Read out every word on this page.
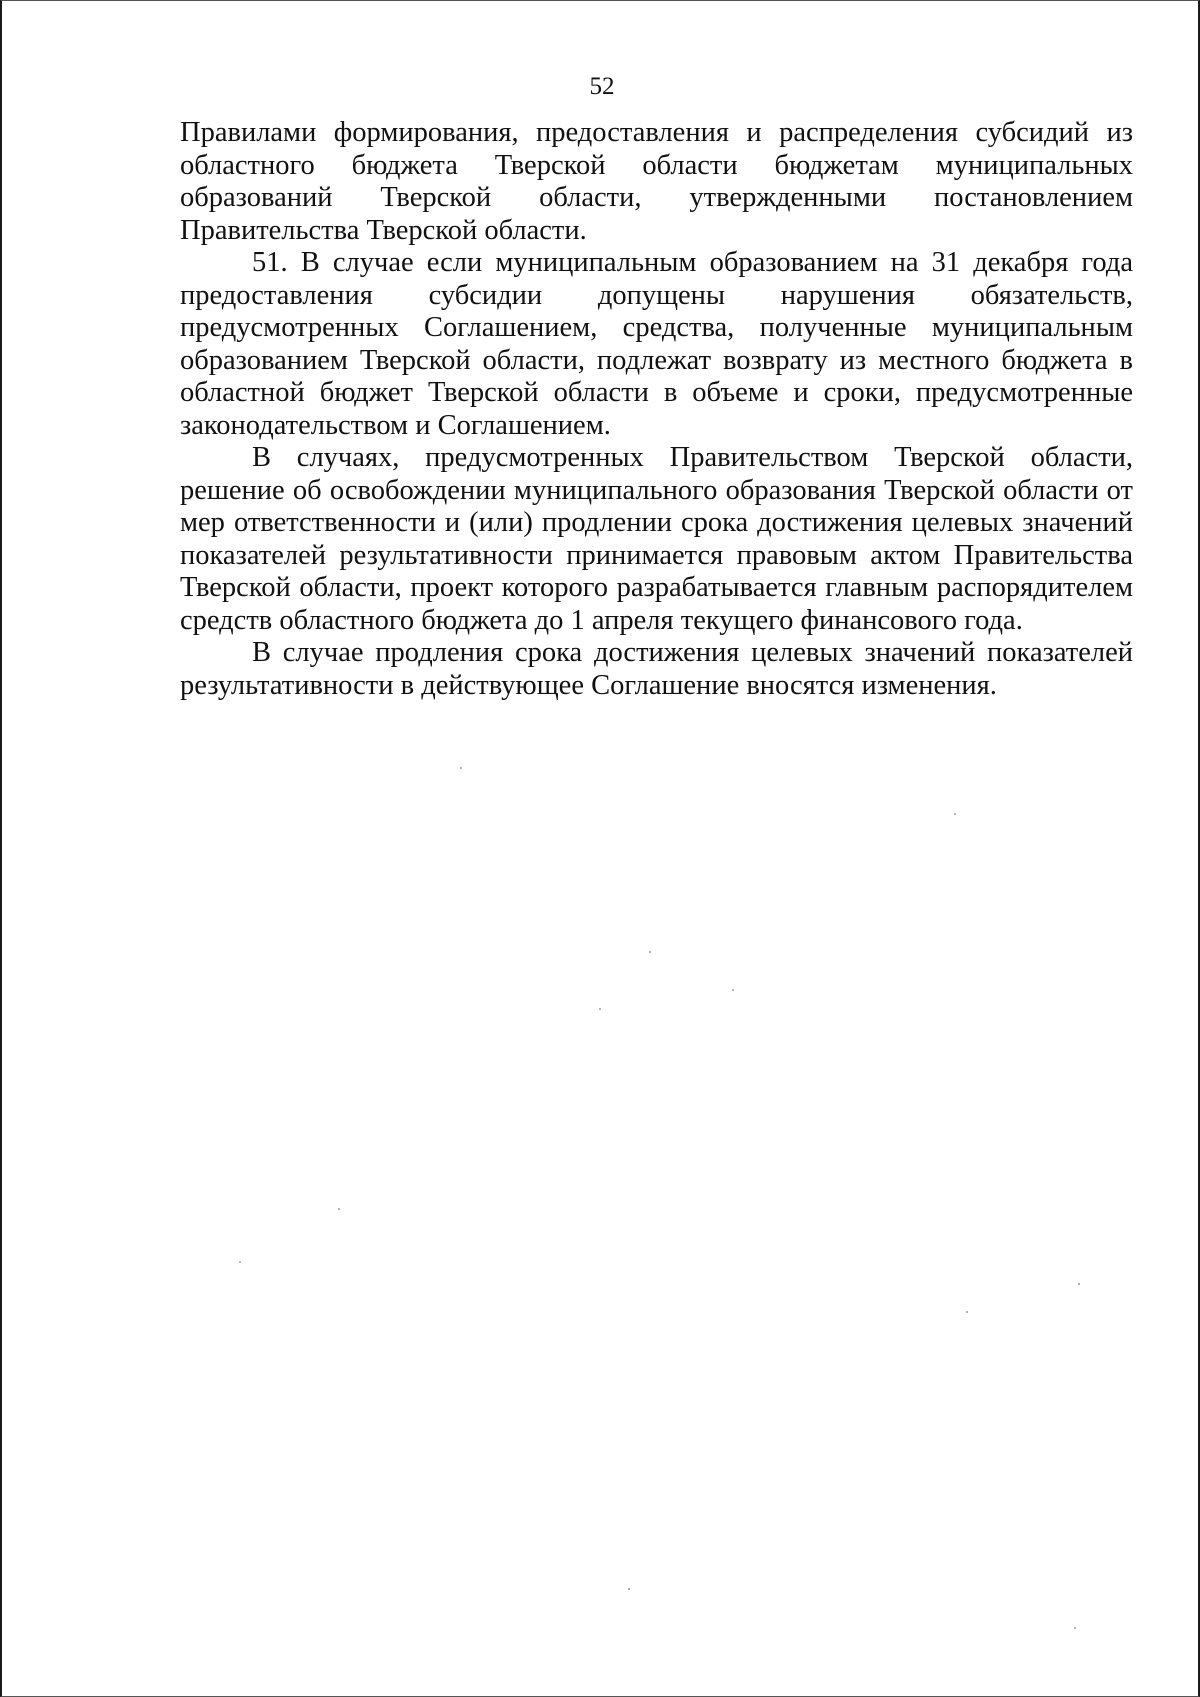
52

Правилами формирования, предоставления и распределения субсидий из областного бюджета Тверской области бюджетам муниципальных образований Тверской области, утвержденными постановлением Правительства Тверской области.

51. В случае если муниципальным образованием на 31 декабря года предоставления субсидии допущены нарушения обязательств, предусмотренных Соглашением, средства, полученные муниципальным образованием Тверской области, подлежат возврату из местного бюджета в областной бюджет Тверской области в объеме и сроки, предусмотренные законодательством и Соглашением.

В случаях, предусмотренных Правительством Тверской области, решение об освобождении муниципального образования Тверской области от мер ответственности и (или) продлении срока достижения целевых значений показателей результативности принимается правовым актом Правительства Тверской области, проект которого разрабатывается главным распорядителем средств областного бюджета до 1 апреля текущего финансового года.

В случае продления срока достижения целевых значений показателей результативности в действующее Соглашение вносятся изменения.
